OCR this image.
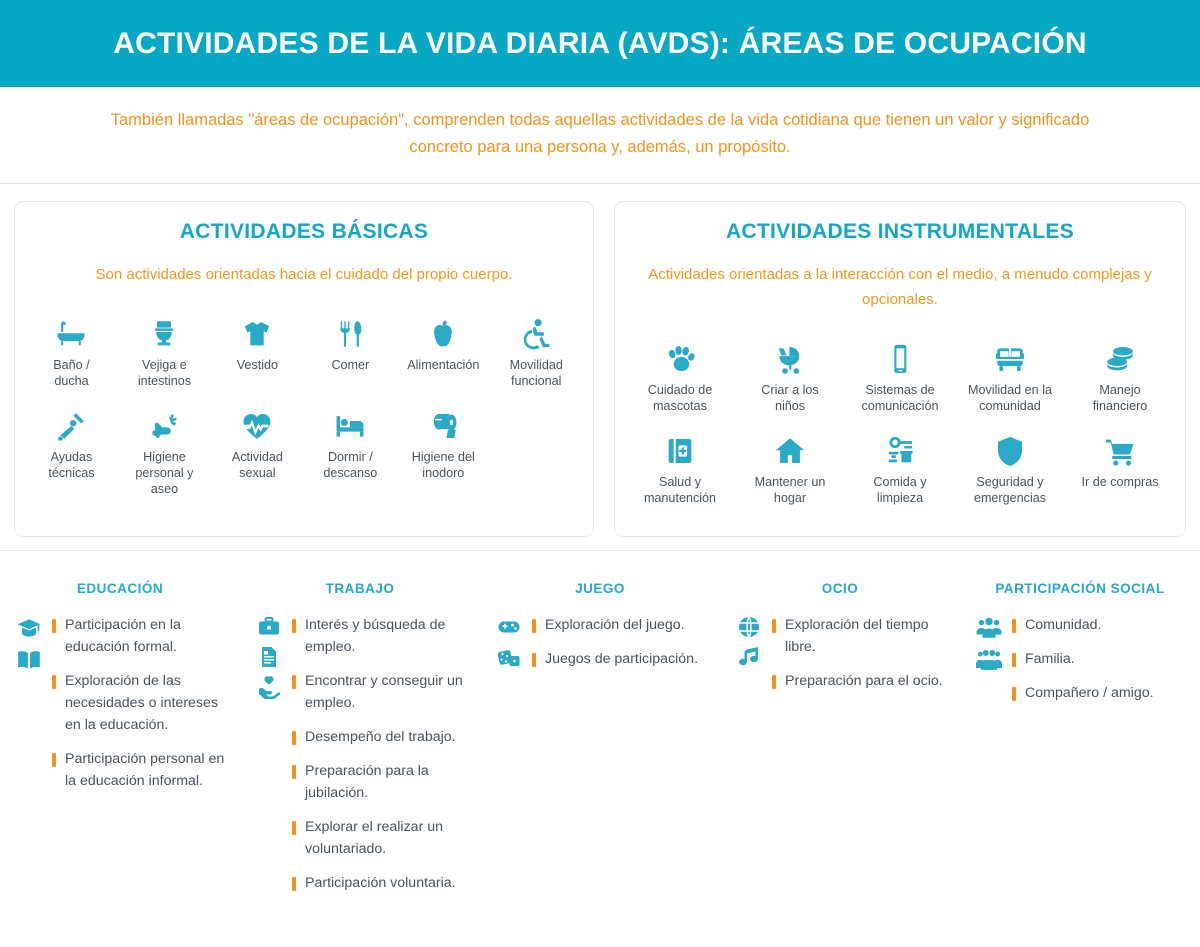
ACTIVIDADES DE LA VIDA DIARIA (AVDS): ÁREAS DE OCUPACIÓN
También llamadas "áreas de ocupación", comprenden todas aquellas actividades de la vida cotidiana que tienen un valor y significado concreto para una persona y, además, un propósito.
ACTIVIDADES BÁSICAS
Son actividades orientadas hacia el cuidado del propio cuerpo.
Baño /
ducha
Vejiga e
intestinos
Vestido	Comer	Alimentación Movilidad
funcional
Ayudas
técnicas
Higiene
personal y
aseo
Actividad
sexual
Dormir /
descanso
Higiene del
inodoro
ACTIVIDADES INSTRUMENTALES
Actividades orientadas a la interacción con el medio, a menudo complejas y opcionales.
Cuidado de
mascotas
Criar a los
niños
Sistemas de
comunicación
Movilidad en la
comunidad
Manejo
financiero
Salud y
manutención
Mantener un
hogar
Comida y
limpieza
Seguridad y
emergencias
Ir de compras
EDUCACIÓN
Participación en la educación formal.
Exploración de las necesidades o intereses en la educación.
Participación personal en la educación informal.
TRABAJO
Interés y búsqueda de empleo.
Encontrar y conseguir un empleo.
Desempeño del trabajo.
Preparación para la jubilación.
Explorar el realizar un voluntariado.
Participación voluntaria.
JUEGO
Exploración del juego.
Juegos de participación.
OCIO
Exploración del tiempo libre.
Preparación para el ocio.
PARTICIPACIÓN SOCIAL
Comunidad.
Familia.
Compañero / amigo.
